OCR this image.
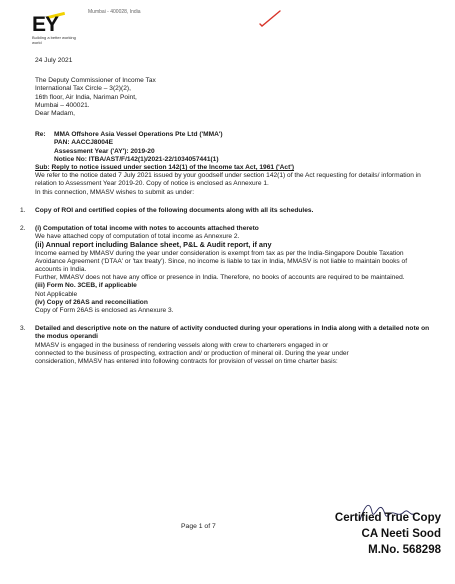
Mumbai - 400028, India
EY
Building a better working world

24 July 2021

The Deputy Commissioner of Income Tax

International Tax Circle – 3(2)(2),

16th floor, Air India, Nariman Point,

Mumbai – 400021.

Dear Madam,

Re:	MMA Offshore Asia Vessel Operations Pte Ltd ('MMA')

PAN: AACCJ8004E

Assessment Year ('AY'): 2019-20

Notice No: ITBA/AST/F/142(1)/2021-22/1034057441(1)

Sub: Reply to notice issued under section 142(1) of the Income tax Act, 1961 ('Act')

We refer to the notice dated 7 July 2021 issued by your goodself under section 142(1) of the Act requesting for details/ information in relation to Assessment Year 2019-20. Copy of notice is enclosed as Annexure 1.

In this connection, MMASV wishes to submit as under:

1.	Copy of ROI and certified copies of the following documents along with all its schedules.
2.	(i) Computation of total income with notes to accounts attached thereto

We have attached copy of computation of total income as Annexure 2.

(ii) Annual report including Balance sheet, P&L & Audit report, if any

Income earned by MMASV during the year under consideration is exempt from tax as per the India-Singapore Double Taxation Avoidance Agreement ('DTAA' or 'tax treaty'). Since, no income is liable to tax in India, MMASV is not liable to maintain books of accounts in India.

Further, MMASV does not have any office or presence in India. Therefore, no books of accounts are required to be maintained.

(iii) Form No. 3CEB, if applicable

Not Applicable

(iv) Copy of 26AS and reconciliation

Copy of Form 26AS is enclosed as Annexure 3.

3.	Detailed and descriptive note on the nature of activity conducted during your operations in India along with a detailed note on the modus operandi

MMASV is engaged in the business of rendering vessels along with crew to charterers engaged in or connected to the business of prospecting, extraction and/ or production of mineral oil. During the year under consideration, MMASV has entered into following contracts for provision of vessel on time charter basis:

Page 1 of 7
Certified True Copy
CA Neeti Sood
M.No. 568298
